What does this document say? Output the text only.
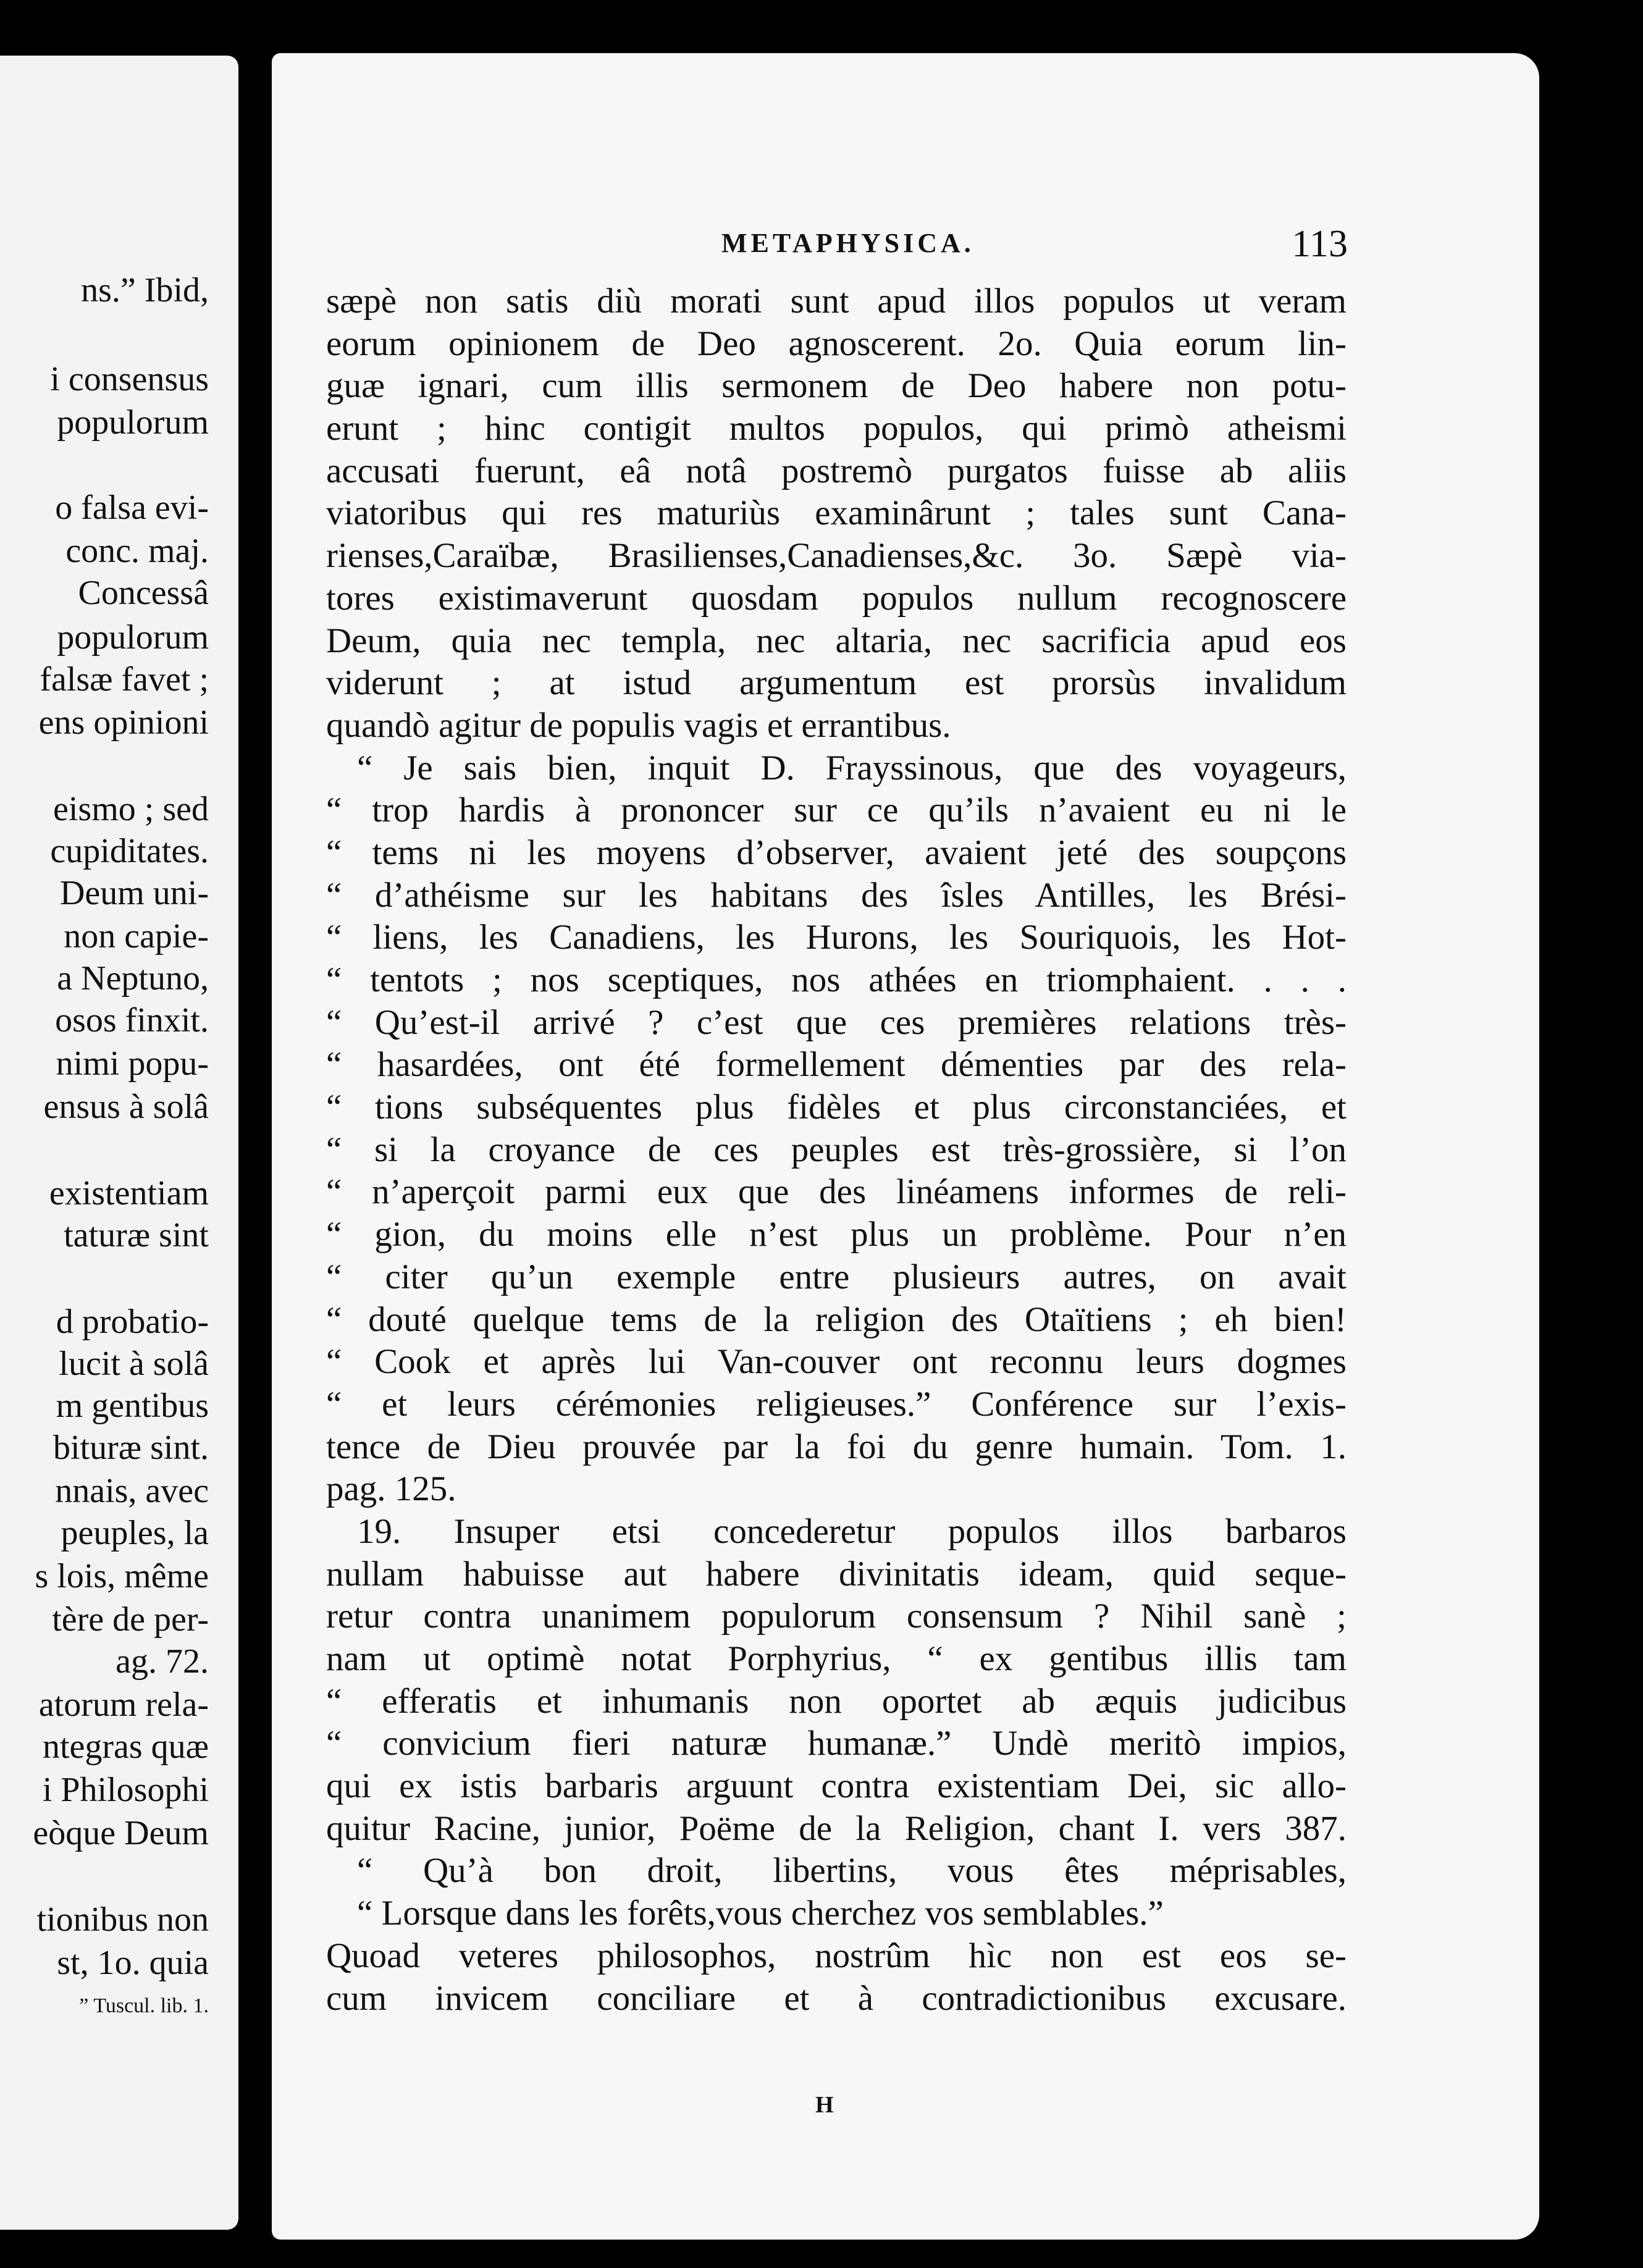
ns.” Ibid,
i consensus
populorum
o falsa evi-
conc. maj.
Concessâ
populorum
falsæ favet ;
ens opinioni
eismo ; sed
cupiditates.
Deum uni-
non capie-
a Neptuno,
osos finxit.
nimi popu-
ensus à solâ
existentiam
taturæ sint
d probatio-
lucit à solâ
m gentibus
bituræ sint.
nnais, avec
peuples, la
s lois, même
tère de per-
ag. 72.
atorum rela-
ntegras quæ
i Philosophi
eòque Deum
tionibus non
st, 1o. quia
” Tuscul. lib. 1.
METAPHYSICA.	113
sæpè non satis diù morati sunt apud illos populos ut veram
eorum opinionem de Deo agnoscerent. 2o. Quia eorum lin-
guæ ignari, cum illis sermonem de Deo habere non potu-
erunt ; hinc contigit multos populos, qui primò atheismi
accusati fuerunt, eâ notâ postremò purgatos fuisse ab aliis
viatoribus qui res maturiùs examinârunt ; tales sunt Cana-
rienses,Caraïbæ, Brasilienses,Canadienses,&c. 3o. Sæpè via-
tores existimaverunt quosdam populos nullum recognoscere
Deum, quia nec templa, nec altaria, nec sacrificia apud eos
viderunt ; at istud argumentum est prorsùs invalidum
quandò agitur de populis vagis et errantibus.
“ Je sais bien, inquit D. Frayssinous, que des voyageurs,
“ trop hardis à prononcer sur ce qu’ils n’avaient eu ni le
“ tems ni les moyens d’observer, avaient jeté des soupçons
“ d’athéisme sur les habitans des îsles Antilles, les Brési-
“ liens, les Canadiens, les Hurons, les Souriquois, les Hot-
“ tentots ; nos sceptiques, nos athées en triomphaient. . . .
“ Qu’est-il arrivé ? c’est que ces premières relations très-
“ hasardées, ont été formellement démenties par des rela-
“ tions subséquentes plus fidèles et plus circonstanciées, et
“ si la croyance de ces peuples est très-grossière, si l’on
“ n’aperçoit parmi eux que des linéamens informes de reli-
“ gion, du moins elle n’est plus un problème. Pour n’en
“ citer qu’un exemple entre plusieurs autres, on avait
“ douté quelque tems de la religion des Otaïtiens ; eh bien!
“ Cook et après lui Van-couver ont reconnu leurs dogmes
“ et leurs cérémonies religieuses.” Conférence sur l’exis-
tence de Dieu prouvée par la foi du genre humain. Tom. 1.
pag. 125.
19. Insuper etsi concederetur populos illos barbaros
nullam habuisse aut habere divinitatis ideam, quid seque-
retur contra unanimem populorum consensum ? Nihil sanè ;
nam ut optimè notat Porphyrius, “ ex gentibus illis tam
“ efferatis et inhumanis non oportet ab æquis judicibus
“ convicium fieri naturæ humanæ.” Undè meritò impios,
qui ex istis barbaris arguunt contra existentiam Dei, sic allo-
quitur Racine, junior, Poëme de la Religion, chant I. vers 387.
“ Qu’à bon droit, libertins, vous êtes méprisables,
“ Lorsque dans les forêts,vous cherchez vos semblables.”
Quoad veteres philosophos, nostrûm hìc non est eos se-
cum invicem conciliare et à contradictionibus excusare.
H
